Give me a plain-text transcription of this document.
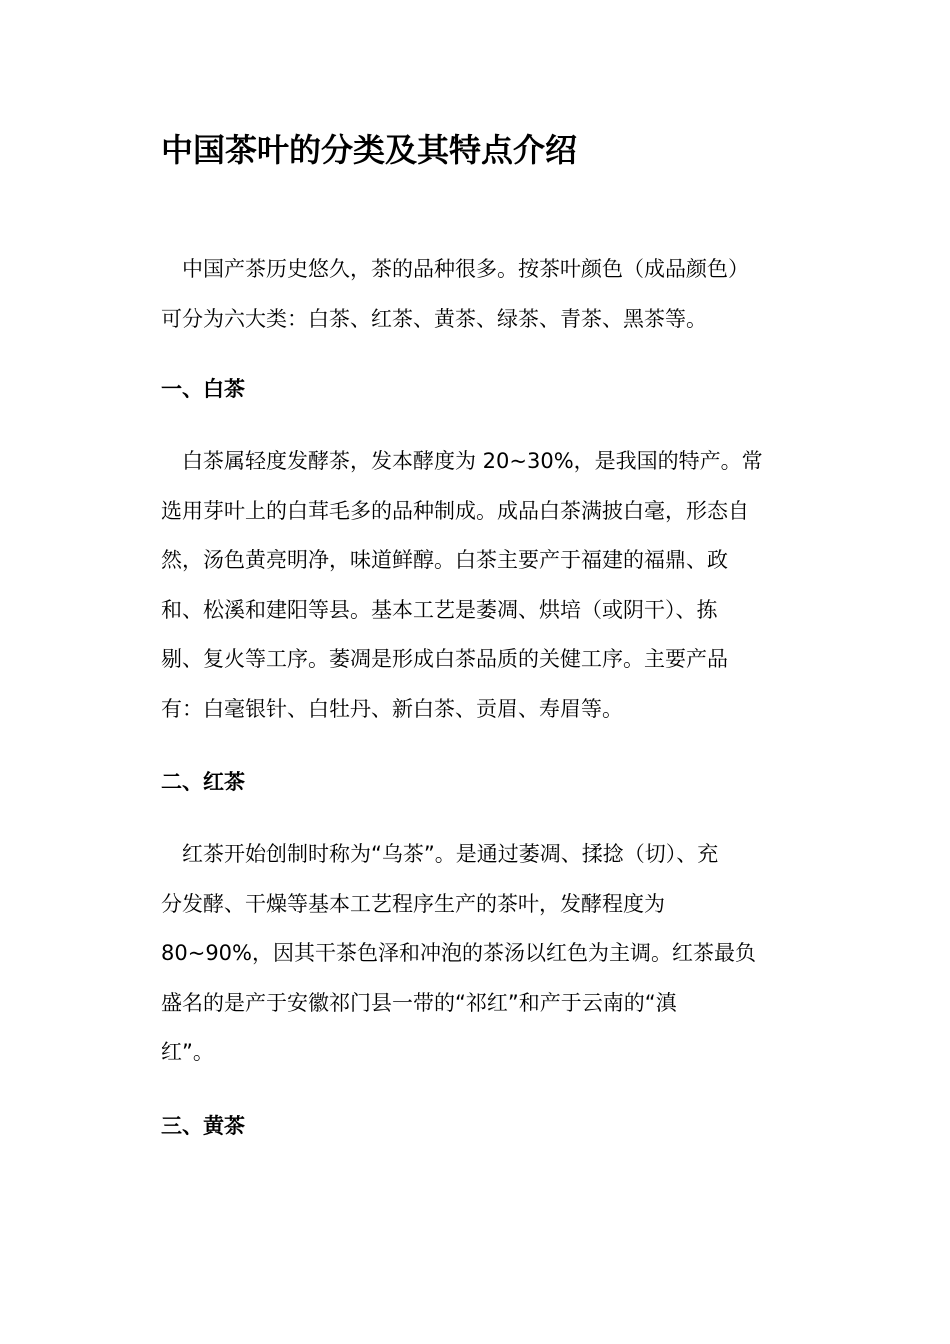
中国茶叶的分类及其特点介绍

　中国产茶历史悠久，茶的品种很多。按茶叶颜色（成品颜色）
可分为六大类：白茶、红茶、黄茶、绿茶、青茶、黑茶等。

一、白茶

　白茶属轻度发酵茶，发本酵度为 20~30%，是我国的特产。常
选用芽叶上的白茸毛多的品种制成。成品白茶满披白毫，形态自
然，汤色黄亮明净，味道鲜醇。白茶主要产于福建的福鼎、政
和、松溪和建阳等县。基本工艺是萎凋、烘培（或阴干）、拣
剔、复火等工序。萎凋是形成白茶品质的关健工序。主要产品
有：白毫银针、白牡丹、新白茶、贡眉、寿眉等。

二、红茶

　红茶开始创制时称为“乌茶”。是通过萎凋、揉捻（切）、充
分发酵、干燥等基本工艺程序生产的茶叶，发酵程度为
80~90%，因其干茶色泽和冲泡的茶汤以红色为主调。红茶最负
盛名的是产于安徽祁门县一带的“祁红”和产于云南的“滇
红”。

三、黄茶
